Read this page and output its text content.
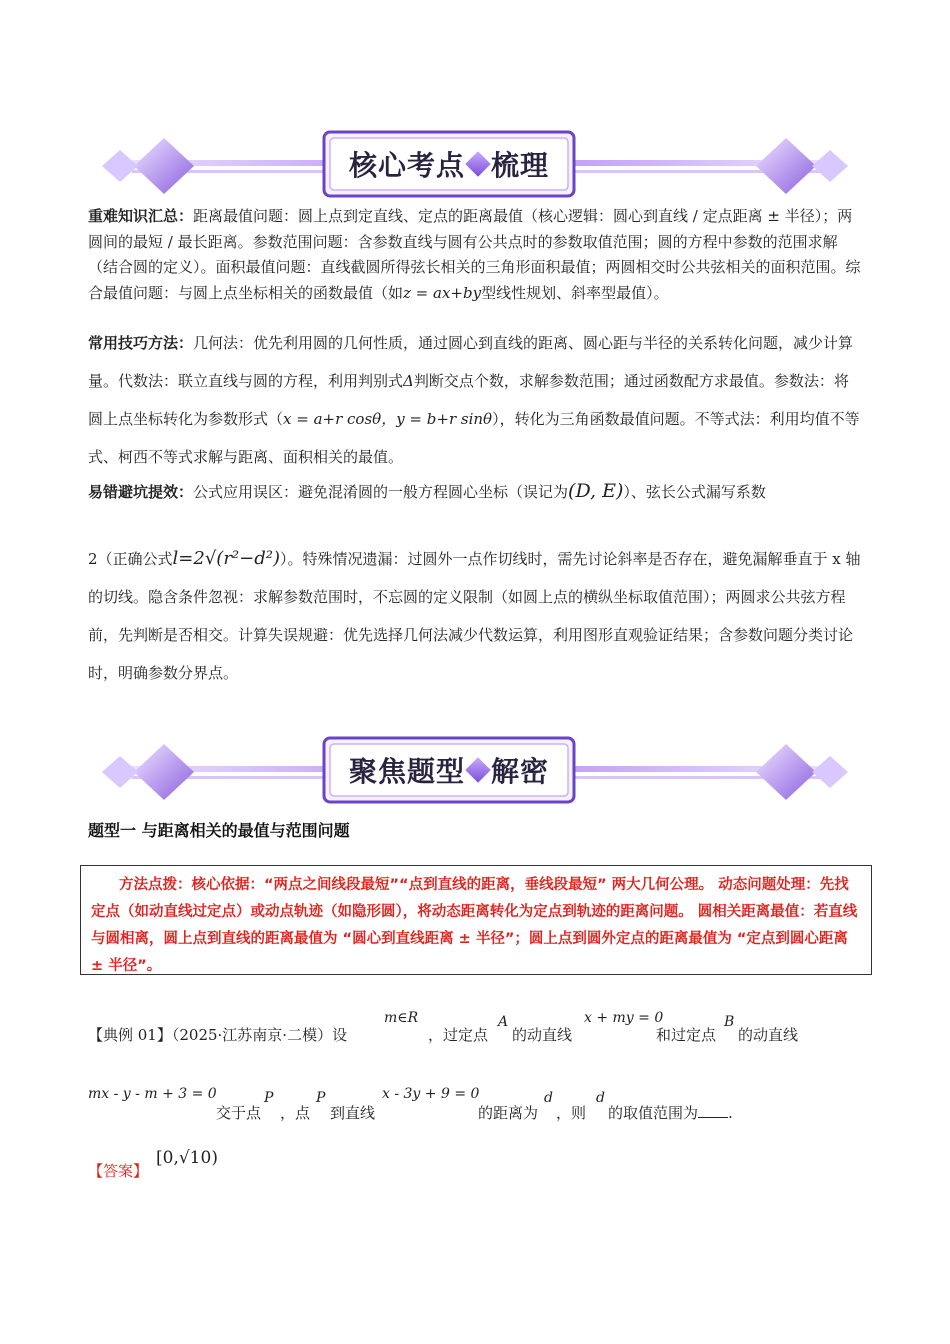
核心考点 梳理
重难知识汇总：距离最值问题：圆上点到定直线、定点的距离最值（核心逻辑：圆心到直线 / 定点距离 ± 半径）；两圆间的最短 / 最长距离。参数范围问题：含参数直线与圆有公共点时的参数取值范围；圆的方程中参数的范围求解（结合圆的定义）。面积最值问题：直线截圆所得弦长相关的三角形面积最值；两圆相交时公共弦相关的面积范围。综合最值问题：与圆上点坐标相关的函数最值（如z = ax+by型线性规划、斜率型最值）。
常用技巧方法：几何法：优先利用圆的几何性质，通过圆心到直线的距离、圆心距与半径的关系转化问题，减少计算量。代数法：联立直线与圆的方程，利用判别式Δ判断交点个数，求解参数范围；通过函数配方求最值。参数法：将圆上点坐标转化为参数形式（x = a+r cosθ，y = b+r sinθ），转化为三角函数最值问题。不等式法：利用均值不等式、柯西不等式求解与距离、面积相关的最值。
易错避坑提效：公式应用误区：避免混淆圆的一般方程圆心坐标（误记为(D, E)）、弦长公式漏写系数
2（正确公式l=2√(r²−d²)）。特殊情况遗漏：过圆外一点作切线时，需先讨论斜率是否存在，避免漏解垂直于 x 轴的切线。隐含条件忽视：求解参数范围时，不忘圆的定义限制（如圆上点的横纵坐标取值范围）；两圆求公共弦方程前，先判断是否相交。计算失误规避：优先选择几何法减少代数运算，利用图形直观验证结果；含参数问题分类讨论时，明确参数分界点。
聚焦题型 解密
题型一 与距离相关的最值与范围问题
方法点拨：核心依据：“两点之间线段最短”“点到直线的距离，垂线段最短” 两大几何公理。 动态问题处理：先找定点（如动直线过定点）或动点轨迹（如隐形圆），将动态距离转化为定点到轨迹的距离问题。 圆相关距离最值：若直线与圆相离，圆上点到直线的距离最值为 “圆心到直线距离 ± 半径”；圆上点到圆外定点的距离最值为 “定点到圆心距离 ± 半径”。
【典例 01】（2025·江苏南京·二模）设
m∈R
，过定点
A
的动直线
x + my = 0
和过定点
B
的动直线
mx - y - m + 3 = 0
交于点
P
，点
P
到直线
x - 3y + 9 = 0
的距离为
d
，则
d
的取值范围为 .
【答案】
[0,√10)
